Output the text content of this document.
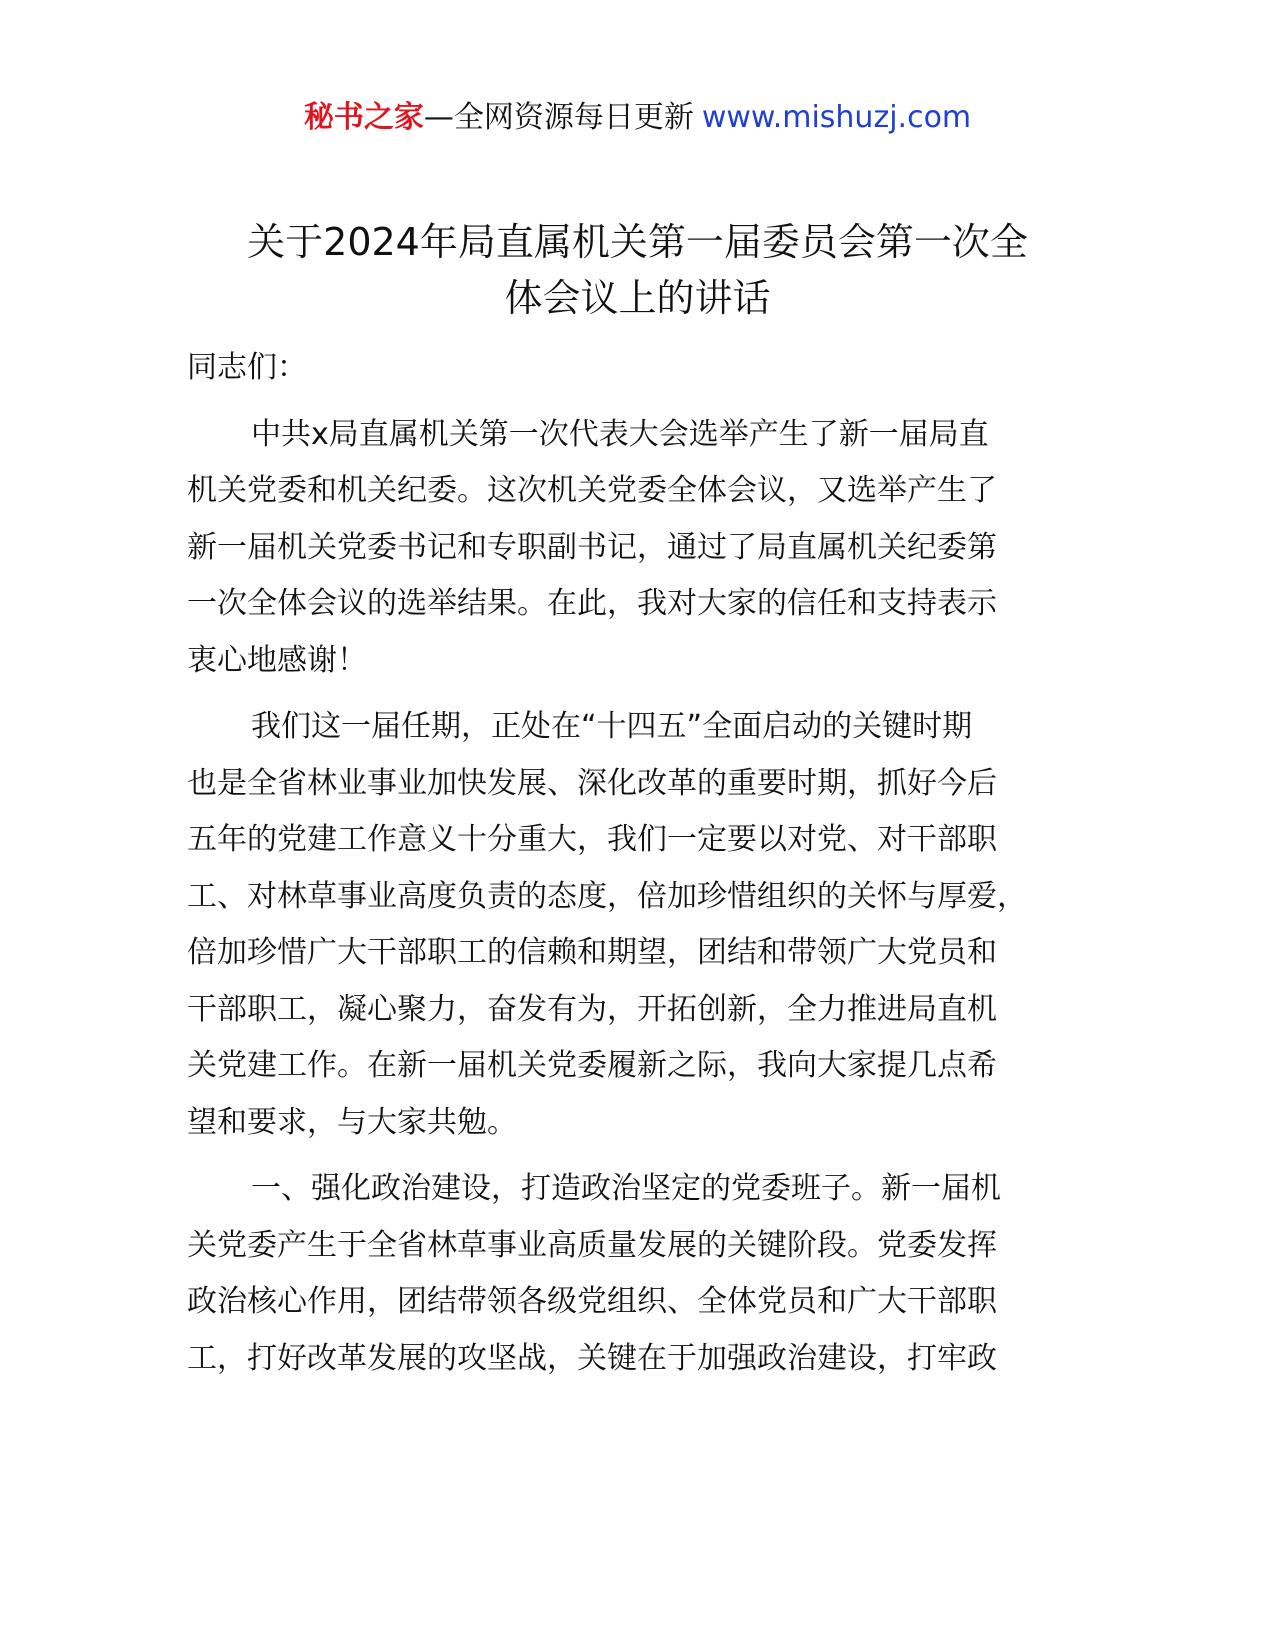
秘书之家—全网资源每日更新 www.mishuzj.com
关于2024年局直属机关第一届委员会第一次全
体会议上的讲话
同志们：
中共x局直属机关第一次代表大会选举产生了新一届局直
机关党委和机关纪委。这次机关党委全体会议，又选举产生了
新一届机关党委书记和专职副书记，通过了局直属机关纪委第
一次全体会议的选举结果。在此，我对大家的信任和支持表示
衷心地感谢！
我们这一届任期，正处在“十四五”全面启动的关键时期
也是全省林业事业加快发展、深化改革的重要时期，抓好今后
五年的党建工作意义十分重大，我们一定要以对党、对干部职
工、对林草事业高度负责的态度，倍加珍惜组织的关怀与厚爱，
倍加珍惜广大干部职工的信赖和期望，团结和带领广大党员和
干部职工，凝心聚力，奋发有为，开拓创新，全力推进局直机
关党建工作。在新一届机关党委履新之际，我向大家提几点希
望和要求，与大家共勉。
一、强化政治建设，打造政治坚定的党委班子。新一届机
关党委产生于全省林草事业高质量发展的关键阶段。党委发挥
政治核心作用，团结带领各级党组织、全体党员和广大干部职
工，打好改革发展的攻坚战，关键在于加强政治建设，打牢政
